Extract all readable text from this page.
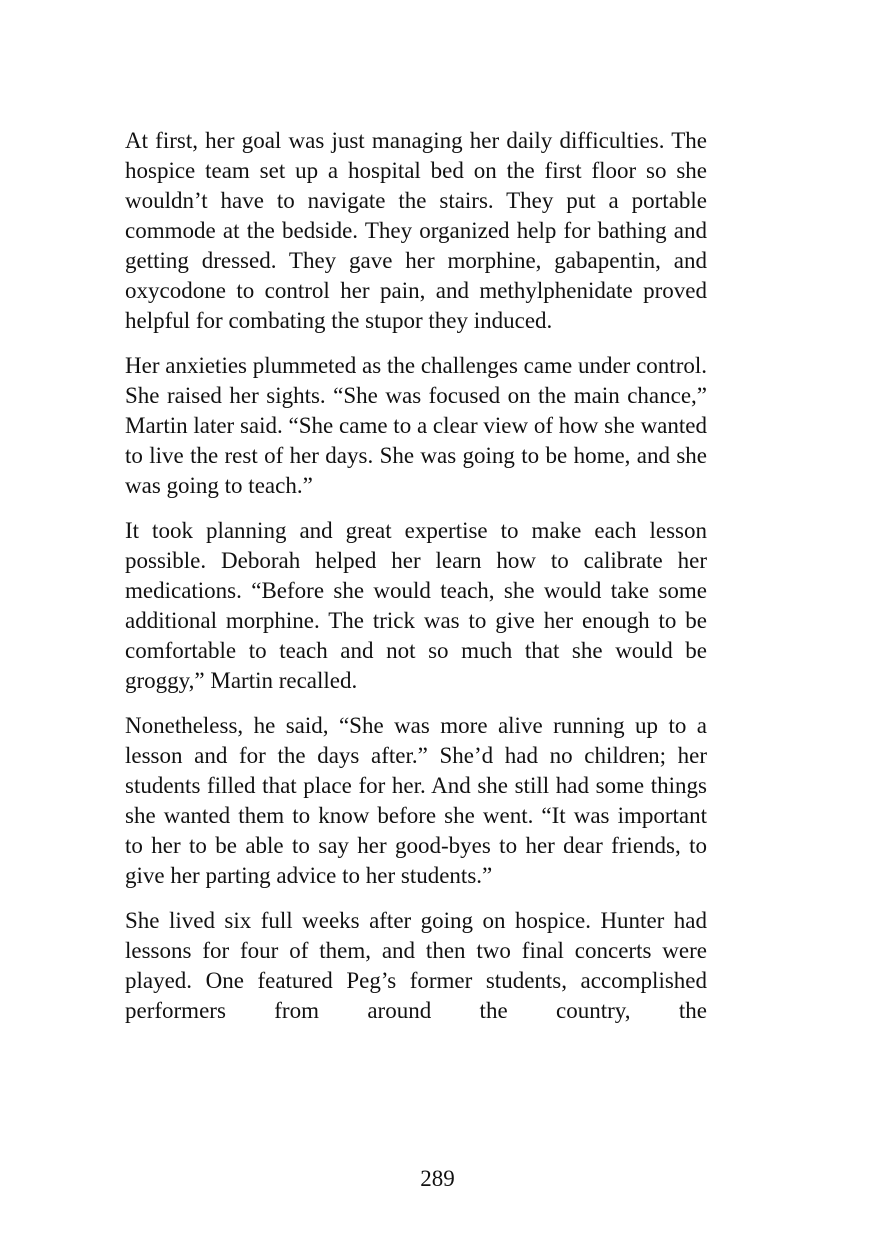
At first, her goal was just managing her daily difficulties. The hospice team set up a hospital bed on the first floor so she wouldn’t have to navigate the stairs. They put a portable commode at the bedside. They organized help for bathing and getting dressed. They gave her morphine, gabapentin, and oxycodone to control her pain, and methylphenidate proved helpful for combating the stupor they induced.

Her anxieties plummeted as the challenges came under control. She raised her sights. “She was focused on the main chance,” Martin later said. “She came to a clear view of how she wanted to live the rest of her days. She was going to be home, and she was going to teach.”

It took planning and great expertise to make each lesson possible. Deborah helped her learn how to calibrate her medications. “Before she would teach, she would take some additional morphine. The trick was to give her enough to be comfortable to teach and not so much that she would be groggy,” Martin recalled.

Nonetheless, he said, “She was more alive running up to a lesson and for the days after.” She’d had no children; her students filled that place for her. And she still had some things she wanted them to know before she went. “It was important to her to be able to say her good-byes to her dear friends, to give her parting advice to her students.”

She lived six full weeks after going on hospice. Hunter had lessons for four of them, and then two final concerts were played. One featured Peg’s former students, accomplished performers from around the country, the

289
